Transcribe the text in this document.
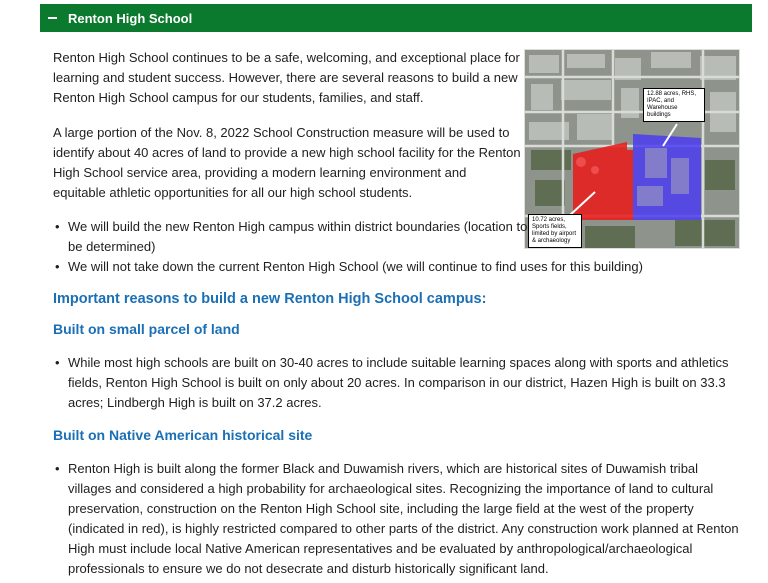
Renton High School
12.88 acres, RHS, IPAC, and Warehouse buildings
10.72 acres, Sports fields, limited by airport & archaeology

Renton High School continues to be a safe, welcoming, and exceptional place for learning and student success. However, there are several reasons to build a new Renton High School campus for our students, families, and staff.

A large portion of the Nov. 8, 2022 School Construction measure will be used to identify about 40 acres of land to provide a new high school facility for the Renton High School service area, providing a modern learning environment and equitable athletic opportunities for all our high school students.

• We will build the new Renton High campus within district boundaries (location to be determined)
• We will not take down the current Renton High School (we will continue to find uses for this building)
Important reasons to build a new Renton High School campus:
Built on small parcel of land
• While most high schools are built on 30-40 acres to include suitable learning spaces along with sports and athletics fields, Renton High School is built on only about 20 acres. In comparison in our district, Hazen High is built on 33.3 acres; Lindbergh High is built on 37.2 acres.
Built on Native American historical site
• Renton High is built along the former Black and Duwamish rivers, which are historical sites of Duwamish tribal villages and considered a high probability for archaeological sites. Recognizing the importance of land to cultural preservation, construction on the Renton High School site, including the large field at the west of the property (indicated in red), is highly restricted compared to other parts of the district. Any construction work planned at Renton High must include local Native American representatives and be evaluated by anthropological/archaeological professionals to ensure we do not desecrate and disturb historically significant land.
